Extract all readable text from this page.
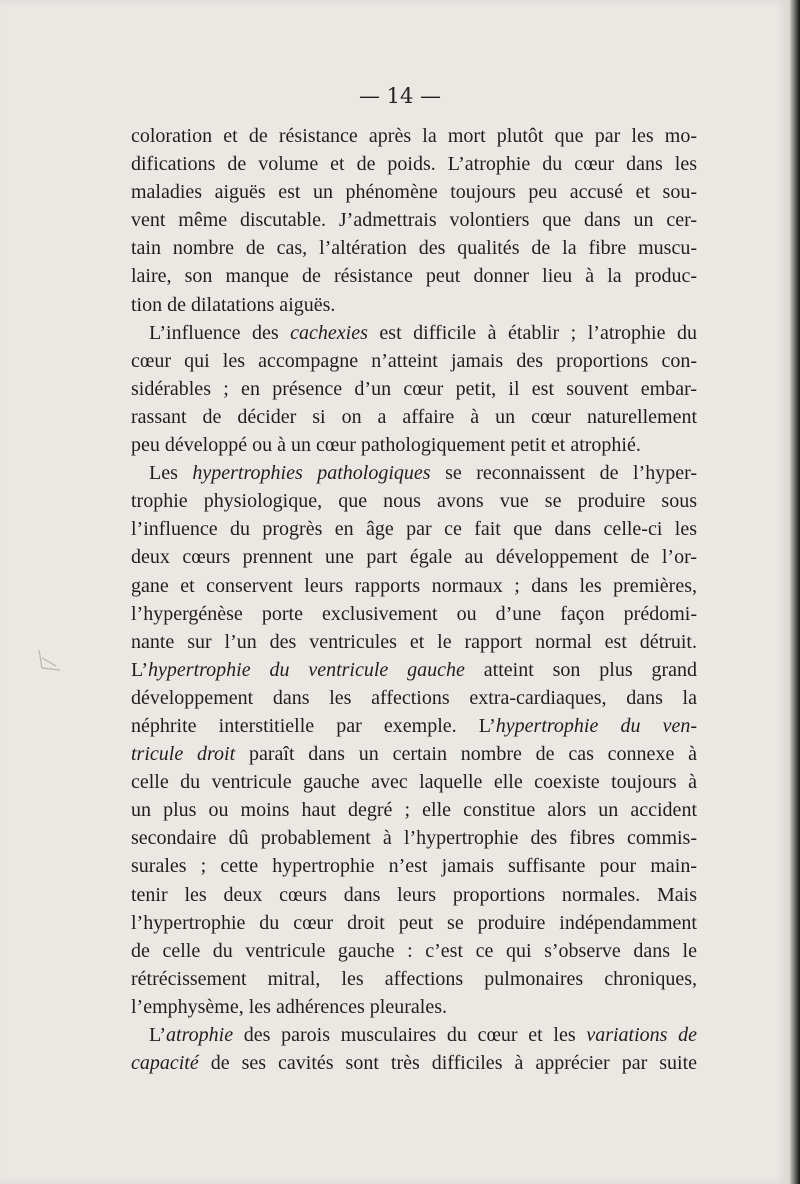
— 14 —
coloration et de résistance après la mort plutôt que par les mo-
difications de volume et de poids. L’atrophie du cœur dans les
maladies aiguës est un phénomène toujours peu accusé et sou-
vent même discutable. J’admettrais volontiers que dans un cer-
tain nombre de cas, l’altération des qualités de la fibre muscu-
laire, son manque de résistance peut donner lieu à la produc-
tion de dilatations aiguës.
L’influence des cachexies est difficile à établir ; l’atrophie du
cœur qui les accompagne n’atteint jamais des proportions con-
sidérables ; en présence d’un cœur petit, il est souvent embar-
rassant de décider si on a affaire à un cœur naturellement
peu développé ou à un cœur pathologiquement petit et atrophié.
Les hypertrophies pathologiques se reconnaissent de l’hyper-
trophie physiologique, que nous avons vue se produire sous
l’influence du progrès en âge par ce fait que dans celle-ci les
deux cœurs prennent une part égale au développement de l’or-
gane et conservent leurs rapports normaux ; dans les premières,
l’hypergénèse porte exclusivement ou d’une façon prédomi-
nante sur l’un des ventricules et le rapport normal est détruit.
L’hypertrophie du ventricule gauche atteint son plus grand
développement dans les affections extra-cardiaques, dans la
néphrite interstitielle par exemple. L’hypertrophie du ven-
tricule droit paraît dans un certain nombre de cas connexe à
celle du ventricule gauche avec laquelle elle coexiste toujours à
un plus ou moins haut degré ; elle constitue alors un accident
secondaire dû probablement à l’hypertrophie des fibres commis-
surales ; cette hypertrophie n’est jamais suffisante pour main-
tenir les deux cœurs dans leurs proportions normales. Mais
l’hypertrophie du cœur droit peut se produire indépendamment
de celle du ventricule gauche : c’est ce qui s’observe dans le
rétrécissement mitral, les affections pulmonaires chroniques,
l’emphysème, les adhérences pleurales.
L’atrophie des parois musculaires du cœur et les variations de
capacité de ses cavités sont très difficiles à apprécier par suite
